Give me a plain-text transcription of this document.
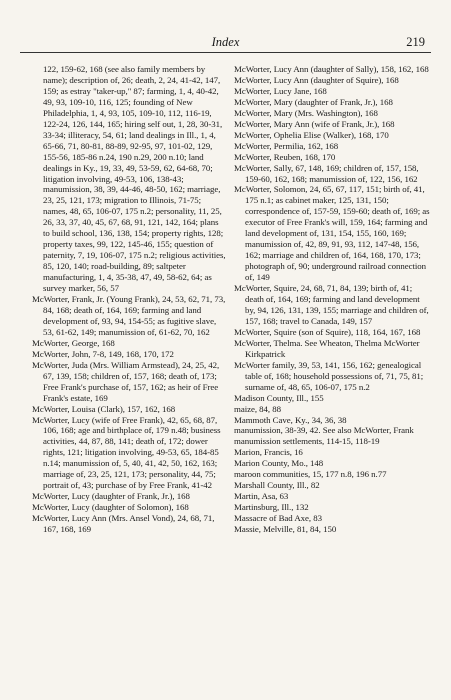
Index	219

122, 159-62, 168 (see also family members by name); description of, 26; death, 2, 24, 41-42, 147, 159; as estray "taker-up," 87; farming, 1, 4, 40-42, 49, 93, 109-10, 116, 125; founding of New Philadelphia, 1, 4, 93, 105, 109-10, 112, 116-19, 122-24, 126, 144, 165; hiring self out, 1, 28, 30-31, 33-34; illiteracy, 54, 61; land dealings in Ill., 1, 4, 65-66, 71, 80-81, 88-89, 92-95, 97, 101-02, 129, 155-56, 185-86 n.24, 190 n.29, 200 n.10; land dealings in Ky., 19, 33, 49, 53-59, 62, 64-68, 70; litigation involving, 49-53, 106, 138-43; manumission, 38, 39, 44-46, 48-50, 162; marriage, 23, 25, 121, 173; migration to Illinois, 71-75; names, 48, 65, 106-07, 175 n.2; personality, 11, 25, 26, 33, 37, 40, 45, 67, 68, 91, 121, 142, 164; plans to build school, 136, 138, 154; property rights, 128; property taxes, 99, 122, 145-46, 155; question of paternity, 7, 19, 106-07, 175 n.2; religious activities, 85, 120, 140; road-building, 89; saltpeter manufacturing, 1, 4, 35-38, 47, 49, 58-62, 64; as survey marker, 56, 57

McWorter, Frank, Jr. (Young Frank), 24, 53, 62, 71, 73, 84, 168; death of, 164, 169; farming and land development of, 93, 94, 154-55; as fugitive slave, 53, 61-62, 149; manumission of, 61-62, 70, 162

McWorter, George, 168

McWorter, John, 7-8, 149, 168, 170, 172

McWorter, Juda (Mrs. William Armstead), 24, 25, 42, 67, 139, 158; children of, 157, 168; death of, 173; Free Frank's purchase of, 157, 162; as heir of Free Frank's estate, 169

McWorter, Louisa (Clark), 157, 162, 168

McWorter, Lucy (wife of Free Frank), 42, 65, 68, 87, 106, 168; age and birthplace of, 179 n.48; business activities, 44, 87, 88, 141; death of, 172; dower rights, 121; litigation involving, 49-53, 65, 184-85 n.14; manumission of, 5, 40, 41, 42, 50, 162, 163; marriage of, 23, 25, 121, 173; personality, 44, 75; portrait of, 43; purchase of by Free Frank, 41-42

McWorter, Lucy (daughter of Frank, Jr.), 168

McWorter, Lucy (daughter of Solomon), 168

McWorter, Lucy Ann (Mrs. Ansel Vond), 24, 68, 71, 167, 168, 169

McWorter, Lucy Ann (daughter of Sally), 158, 162, 168

McWorter, Lucy Ann (daughter of Squire), 168

McWorter, Lucy Jane, 168

McWorter, Mary (daughter of Frank, Jr.), 168

McWorter, Mary (Mrs. Washington), 168

McWorter, Mary Ann (wife of Frank, Jr.), 168

McWorter, Ophelia Elise (Walker), 168, 170

McWorter, Permilia, 162, 168

McWorter, Reuben, 168, 170

McWorter, Sally, 67, 148, 169; children of, 157, 158, 159-60, 162, 168; manumission of, 122, 156, 162

McWorter, Solomon, 24, 65, 67, 117, 151; birth of, 41, 175 n.1; as cabinet maker, 125, 131, 150; correspondence of, 157-59, 159-60; death of, 169; as executor of Free Frank's will, 159, 164; farming and land development of, 131, 154, 155, 160, 169; manumission of, 42, 89, 91, 93, 112, 147-48, 156, 162; marriage and children of, 164, 168, 170, 173; photograph of, 90; underground railroad connection of, 149

McWorter, Squire, 24, 68, 71, 84, 139; birth of, 41; death of, 164, 169; farming and land development by, 94, 126, 131, 139, 155; marriage and children of, 157, 168; travel to Canada, 149, 157

McWorter, Squire (son of Squire), 118, 164, 167, 168

McWorter, Thelma. See Wheaton, Thelma McWorter Kirkpatrick

McWorter family, 39, 53, 141, 156, 162; genealogical table of, 168; household possessions of, 71, 75, 81; surname of, 48, 65, 106-07, 175 n.2

Madison County, Ill., 155

maize, 84, 88

Mammoth Cave, Ky., 34, 36, 38

manumission, 38-39, 42. See also McWorter, Frank

manumission settlements, 114-15, 118-19

Marion, Francis, 16

Marion County, Mo., 148

maroon communities, 15, 177 n.8, 196 n.77

Marshall County, Ill., 82

Martin, Asa, 63

Martinsburg, Ill., 132

Massacre of Bad Axe, 83

Massie, Melville, 81, 84, 150
